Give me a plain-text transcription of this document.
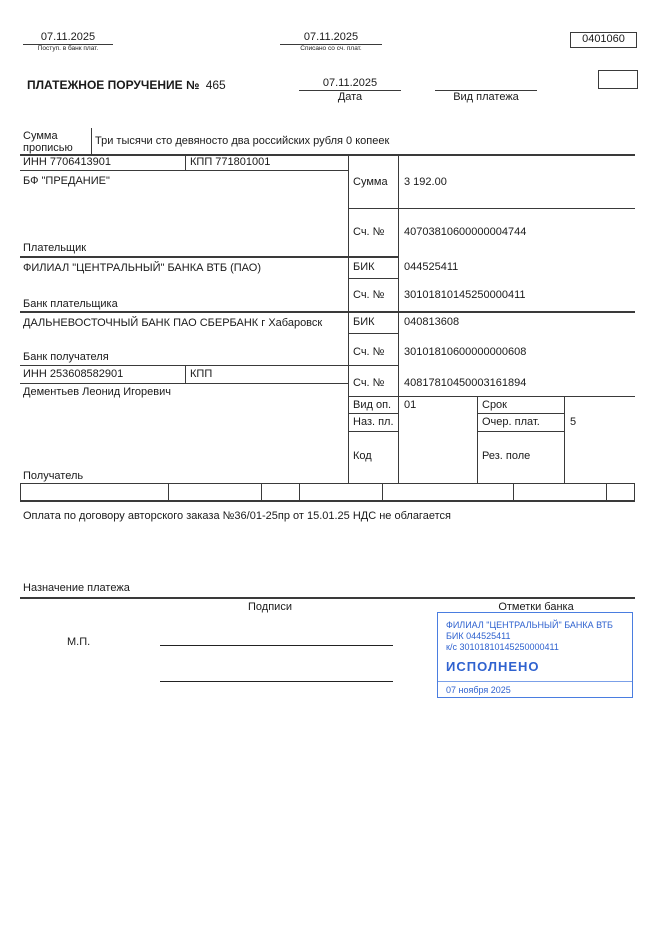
07.11.2025
Поступ. в банк плат.
07.11.2025
Списано со сч. плат.
0401060
ПЛАТЕЖНОЕ ПОРУЧЕНИЕ № 465	07.11.2025
Дата	Вид платежа
Сумма прописью
Три тысячи сто девяносто два российских рубля 0 копеек
ИНН 7706413901	КПП 771801001
БФ "ПРЕДАНИЕ"
Плательщик
Сумма 3 192.00
Сч. № 40703810600000004744
ФИЛИАЛ "ЦЕНТРАЛЬНЫЙ" БАНКА ВТБ (ПАО)
Банк плательщика
БИК	044525411
Сч. № 30101810145250000411
ДАЛЬНЕВОСТОЧНЫЙ БАНК ПАО СБЕРБАНК г Хабаровск
Банк получателя
БИК	040813608
Сч. № 30101810600000000608
ИНН 253608582901	КПП
Дементьев Леонид Игоревич
Получатель
Сч. № 40817810450003161894
Вид оп. 01	Срок
Наз. пл.	Очер. плат.	5
Код	Рез. поле
Оплата по договору авторского заказа №36/01-25пр от 15.01.25 НДС не облагается
Назначение платежа
Подписи	Отметки банка
М.П.
ФИЛИАЛ "ЦЕНТРАЛЬНЫЙ" БАНКА ВТБ
БИК 044525411
к/с 30101810145250000411
ИСПОЛНЕНО
07 ноября 2025
